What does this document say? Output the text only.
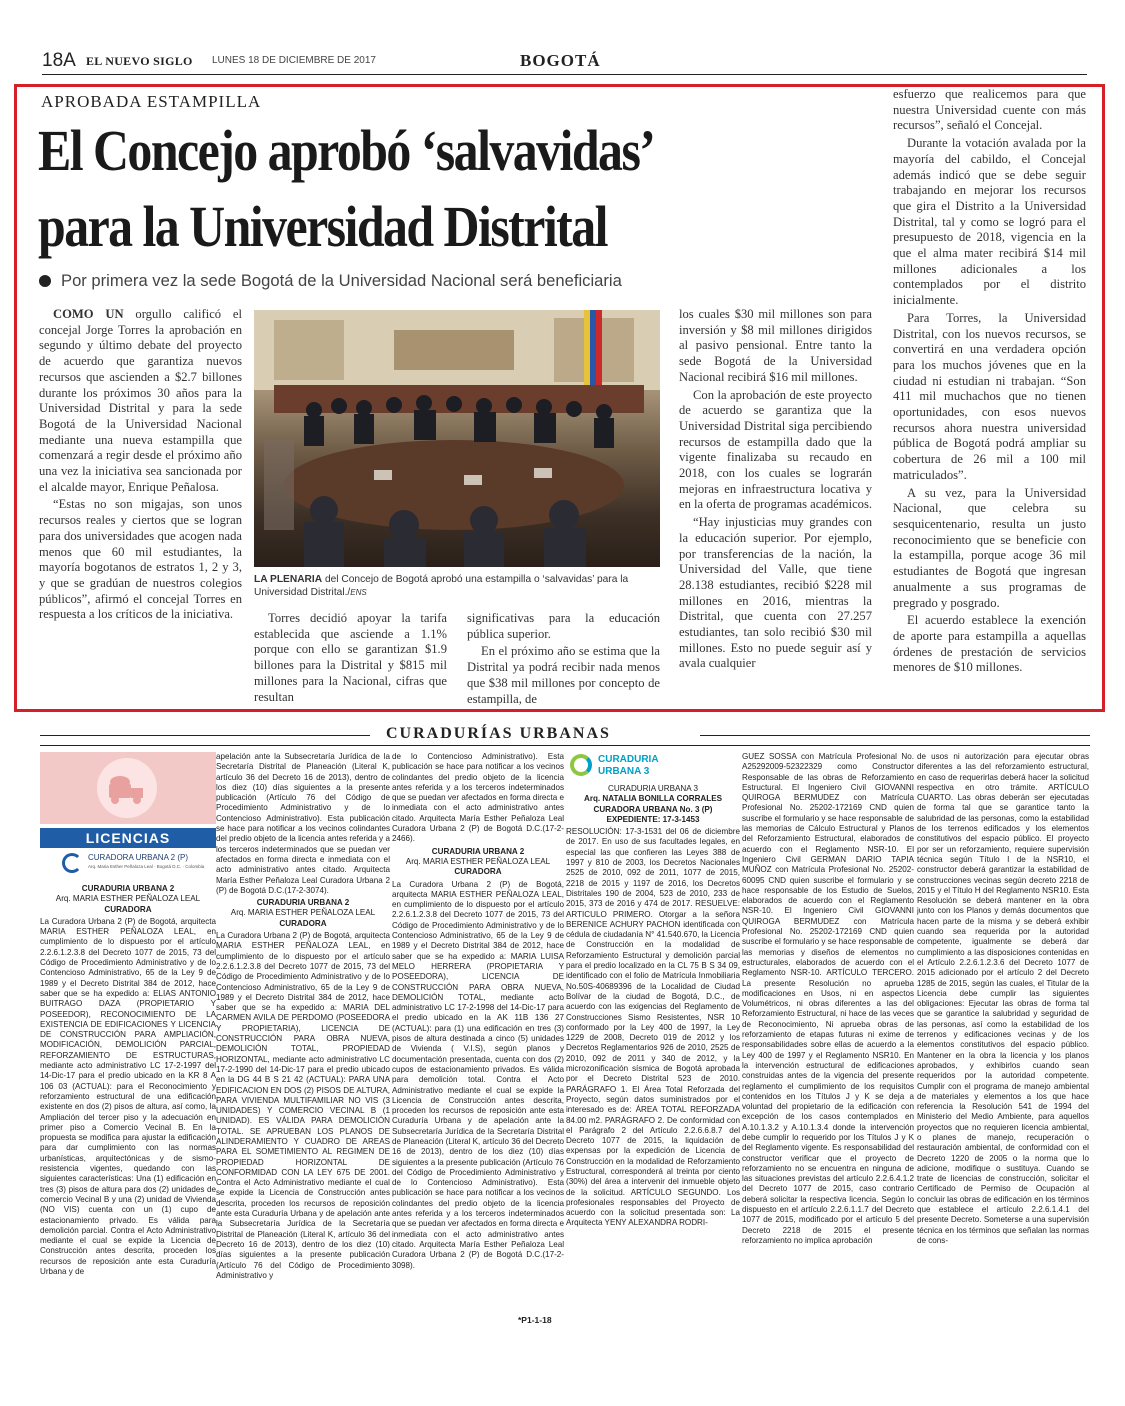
18A EL NUEVO SIGLO LUNES 18 DE DICIEMBRE DE 2017	BOGOTÁ
APROBADA ESTAMPILLA
El Concejo aprobó ‘salvavidas’
para la Universidad Distrital
Por primera vez la sede Bogotá de la Universidad Nacional será beneficiaria

COMO UN orgullo calificó el concejal Jorge Torres la aprobación en segundo y último debate del proyecto de acuerdo que garantiza nuevos recursos que ascienden a $2.7 billones durante los próximos 30 años para la Universidad Distrital y para la sede Bogotá de la Universidad Nacional mediante una nueva estampilla que comenzará a regir desde el próximo año una vez la iniciativa sea sancionada por el alcalde mayor, Enrique Peñalosa.

“Estas no son migajas, son unos recursos reales y ciertos que se logran para dos universidades que acogen nada menos que 60 mil estudiantes, la mayoría bogotanos de estratos 1, 2 y 3, y que se gradúan de nuestros colegios públicos”, afirmó el concejal Torres en respuesta a los críticos de la iniciativa.

LA PLENARIA del Concejo de Bogotá aprobó una estampilla o ‘salvavidas’ para la Universidad Distrital./ENS

Torres decidió apoyar la tarifa establecida que asciende a 1.1% porque con ello se garantizan $1.9 billones para la Distrital y $815 mil millones para la Nacional, cifras que resultan

significativas para la educación pública superior.

En el próximo año se estima que la Distrital ya podrá recibir nada menos que $38 mil millones por concepto de estampilla, de

los cuales $30 mil millones son para inversión y $8 mil millones dirigidos al pasivo pensional. Entre tanto la sede Bogotá de la Universidad Nacional recibirá $16 mil millones.

Con la aprobación de este proyecto de acuerdo se garantiza que la Universidad Distrital siga percibiendo recursos de estampilla dado que la vigente finalizaba su recaudo en 2018, con los cuales se lograrán mejoras en infraestructura locativa y en la oferta de programas académicos.

“Hay injusticias muy grandes con la educación superior. Por ejemplo, por transferencias de la nación, la Universidad del Valle, que tiene 28.138 estudiantes, recibió $228 mil millones en 2016, mientras la Distrital, que cuenta con 27.257 estudiantes, tan solo recibió $30 mil millones. Esto no puede seguir así y avala cualquier

esfuerzo que realicemos para que nuestra Universidad cuente con más recursos”, señaló el Concejal.

Durante la votación avalada por la mayoría del cabildo, el Concejal además indicó que se debe seguir trabajando en mejorar los recursos que gira el Distrito a la Universidad Distrital, tal y como se logró para el presupuesto de 2018, vigencia en la que el alma mater recibirá $14 mil millones adicionales a los contemplados por el distrito inicialmente.

Para Torres, la Universidad Distrital, con los nuevos recursos, se convertirá en una verdadera opción para los muchos jóvenes que en la ciudad ni estudian ni trabajan. “Son 411 mil muchachos que no tienen oportunidades, con esos nuevos recursos ahora nuestra universidad pública de Bogotá podrá ampliar su cobertura de 26 mil a 100 mil matriculados”.

A su vez, para la Universidad Nacional, que celebra su sesquicentenario, resulta un justo reconocimiento que se beneficie con la estampilla, porque acoge 36 mil estudiantes de Bogotá que ingresan anualmente a sus programas de pregrado y posgrado.

El acuerdo establece la exención de aporte para estampilla a aquellas órdenes de prestación de servicios menores de $10 millones.

CURADURÍAS URBANAS
LICENCIAS
CURADORA URBANA 2 (P)
Arq. Maria Esther Peñaloza Leal · Bogotá D.C. · Colombia

CURADURIA URBANA 2

Arq. MARIA ESTHER PEÑALOZA LEAL

CURADORA

La Curadora Urbana 2 (P) de Bogotá, arquitecta MARIA ESTHER PEÑALOZA LEAL, en cumplimiento de lo dispuesto por el artículo 2.2.6.1.2.3.8 del Decreto 1077 de 2015, 73 del Código de Procedimiento Administrativo y de lo Contencioso Administrativo, 65 de la Ley 9 de 1989 y el Decreto Distrital 384 de 2012, hace saber que se ha expedido a: ELIAS ANTONIO BUITRAGO DAZA (PROPIETARIO Y POSEEDOR), RECONOCIMIENTO DE LA EXISTENCIA DE EDIFICACIONES Y LICENCIA DE CONSTRUCCIÓN PARA AMPLIACIÓN, MODIFICACIÓN, DEMOLICIÓN PARCIAL, REFORZAMIENTO DE ESTRUCTURAS, mediante acto administrativo LC 17-2-1997 del 14-Dic-17 para el predio ubicado en la KR 8 A 106 03 (ACTUAL): para el Reconocimiento y reforzamiento estructural de una edificación existente en dos (2) pisos de altura, así como, la Ampliación del tercer piso y la adecuación en primer piso a Comercio Vecinal B. En la propuesta se modifica para ajustar la edificación para dar cumplimiento con las normas urbanísticas, arquitectónicas y de sismo-resistencia vigentes, quedando con las siguientes características: Una (1) edificación en tres (3) pisos de altura para dos (2) unidades de comercio Vecinal B y una (2) unidad de Vivienda (NO VIS) cuenta con un (1) cupo de estacionamiento privado. Es válida para demolición parcial. Contra el Acto Administrativo mediante el cual se expide la Licencia de Construcción antes descrita, proceden los recursos de reposición ante esta Curaduría Urbana y de

apelación ante la Subsecretaría Jurídica de la Secretaría Distrital de Planeación (Literal K, artículo 36 del Decreto 16 de 2013), dentro de los diez (10) días siguientes a la presente publicación (Artículo 76 del Código de Procedimiento Administrativo y de lo Contencioso Administrativo). Esta publicación se hace para notificar a los vecinos colindantes del predio objeto de la licencia antes referida y a los terceros indeterminados que se puedan ver afectados en forma directa e inmediata con el acto administrativo antes citado. Arquitecta María Esther Peñaloza Leal Curadora Urbana 2 (P) de Bogotá D.C.(17-2-3074).

CURADURIA URBANA 2

Arq. MARIA ESTHER PEÑALOZA LEAL

CURADORA

La Curadora Urbana 2 (P) de Bogotá, arquitecta MARIA ESTHER PEÑALOZA LEAL, en cumplimiento de lo dispuesto por el artículo 2.2.6.1.2.3.8 del Decreto 1077 de 2015, 73 del Código de Procedimiento Administrativo y de lo Contencioso Administrativo, 65 de la Ley 9 de 1989 y el Decreto Distrital 384 de 2012, hace saber que se ha expedido a: MARIA DEL CARMEN AVILA DE PERDOMO (POSEEDORA Y PROPIETARIA), LICENCIA DE CONSTRUCCIÓN PARA OBRA NUEVA, DEMOLICIÓN TOTAL, PROPIEDAD HORIZONTAL, mediante acto administrativo LC 17-2-1990 del 14-Dic-17 para el predio ubicado en la DG 44 B S 21 42 (ACTUAL): PARA UNA EDIFICACION EN DOS (2) PISOS DE ALTURA, PARA VIVIENDA MULTIFAMILIAR NO VIS (3 UNIDADES) Y COMERCIO VECINAL B (1 UNIDAD). ES VÁLIDA PARA DEMOLICIÓN TOTAL. SE APRUEBAN LOS PLANOS DE ALINDERAMIENTO Y CUADRO DE AREAS PARA EL SOMETIMIENTO AL REGIMEN DE PROPIEDAD HORIZONTAL DE CONFORMIDAD CON LA LEY 675 DE 2001. Contra el Acto Administrativo mediante el cual se expide la Licencia de Construcción antes descrita, proceden los recursos de reposición ante esta Curaduría Urbana y de apelación ante la Subsecretaría Jurídica de la Secretaría Distrital de Planeación (Literal K, artículo 36 del Decreto 16 de 2013), dentro de los diez (10) días siguientes a la presente publicación (Artículo 76 del Código de Procedimiento Administrativo y

de lo Contencioso Administrativo). Esta publicación se hace para notificar a los vecinos colindantes del predio objeto de la licencia antes referida y a los terceros indeterminados que se puedan ver afectados en forma directa e inmediata con el acto administrativo antes citado. Arquitecta María Esther Peñaloza Leal Curadora Urbana 2 (P) de Bogotá D.C.(17-2-2466).

CURADURIA URBANA 2

Arq. MARIA ESTHER PEÑALOZA LEAL

CURADORA

La Curadora Urbana 2 (P) de Bogotá, arquitecta MARIA ESTHER PEÑALOZA LEAL, en cumplimiento de lo dispuesto por el artículo 2.2.6.1.2.3.8 del Decreto 1077 de 2015, 73 del Código de Procedimiento Administrativo y de lo Contencioso Administrativo, 65 de la Ley 9 de 1989 y el Decreto Distrital 384 de 2012, hace saber que se ha expedido a: MARIA LUISA MELO HERRERA (PROPIETARIA Y POSEEDORA), LICENCIA DE CONSTRUCCIÓN PARA OBRA NUEVA, DEMOLICIÓN TOTAL, mediante acto administrativo LC 17-2-1998 del 14-Dic-17 para el predio ubicado en la AK 11B 136 27 (ACTUAL): para (1) una edificación en tres (3) pisos de altura destinada a cinco (5) unidades de Vivienda ( V.I.S), según planos y documentación presentada, cuenta con dos (2) cupos de estacionamiento privados. Es válida para demolición total. Contra el Acto Administrativo mediante el cual se expide la Licencia de Construcción antes descrita, proceden los recursos de reposición ante esta Curaduría Urbana y de apelación ante la Subsecretaría Jurídica de la Secretaría Distrital de Planeación (Literal K, artículo 36 del Decreto 16 de 2013), dentro de los diez (10) días siguientes a la presente publicación (Artículo 76 del Código de Procedimiento Administrativo y de lo Contencioso Administrativo). Esta publicación se hace para notificar a los vecinos colindantes del predio objeto de la licencia antes referida y a los terceros indeterminados que se puedan ver afectados en forma directa e inmediata con el acto administrativo antes citado. Arquitecta María Esther Peñaloza Leal Curadora Urbana 2 (P) de Bogotá D.C.(17-2-3098).

*P1-1-18
CURADURIA
URBANA 3

CURADURIA URBANA 3

Arq. NATALIA BONILLA CORRALES

CURADORA URBANA No. 3 (P)

EXPEDIENTE: 17-3-1453

RESOLUCIÓN: 17-3-1531 del 06 de diciembre de 2017. En uso de sus facultades legales, en especial las que confieren las Leyes 388 de 1997 y 810 de 2003, los Decretos Nacionales 2525 de 2010, 092 de 2011, 1077 de 2015, 2218 de 2015 y 1197 de 2016, los Decretos Distritales 190 de 2004, 523 de 2010, 233 de 2015, 373 de 2016 y 474 de 2017. RESUELVE: ARTICULO PRIMERO. Otorgar a la señora BERENICE ACHURY PACHON identificada con cédula de ciudadanía N° 41.540.670, la Licencia de Construcción en la modalidad de Reforzamiento Estructural y demolición parcial para el predio localizado en la CL 75 B S 34 09, identificado con el folio de Matrícula Inmobiliaria No.50S-40689396 de la Localidad de Ciudad Bolívar de la ciudad de Bogotá, D.C., de acuerdo con las exigencias del Reglamento de Construcciones Sismo Resistentes, NSR 10 conformado por la Ley 400 de 1997, la Ley 1229 de 2008, Decreto 019 de 2012 y los Decretos Reglamentarios 926 de 2010, 2525 de 2010, 092 de 2011 y 340 de 2012, y la microzonificación sísmica de Bogotá aprobada por el Decreto Distrital 523 de 2010. PARÁGRAFO 1. El Área Total Reforzada del Proyecto, según datos suministrados por el interesado es de: ÁREA TOTAL REFORZADA 84.00 m2. PARÁGRAFO 2. De conformidad con el Parágrafo 2 del Artículo 2.2.6.6.8.7 del Decreto 1077 de 2015, la liquidación de expensas por la expedición de Licencia de Construcción en la modalidad de Reforzamiento Estructural, corresponderá al treinta por ciento (30%) del área a intervenir del inmueble objeto de la solicitud. ARTÍCULO SEGUNDO. Los profesionales responsables del Proyecto de acuerdo con la solicitud presentada son: La Arquitecta YENY ALEXANDRA RODRI-

GUEZ SOSSA con Matrícula Profesional No. A25292009-52322329 como Constructor Responsable de las obras de Reforzamiento Estructural. El Ingeniero Civil GIOVANNI QUIROGA BERMUDEZ con Matrícula Profesional No. 25202-172169 CND quien suscribe el formulario y se hace responsable de las memorias de Cálculo Estructural y Planos del Reforzamiento Estructural, elaborados de acuerdo con el Reglamento NSR-10. El Ingeniero Civil GERMAN DARIO TAPIA MUÑOZ con Matrícula Profesional No. 25202-60095 CND quien suscribe el formulario y se hace responsable de los Estudio de Suelos, elaborados de acuerdo con el Reglamento NSR-10. El Ingeniero Civil GIOVANNI QUIROGA BERMUDEZ con Matrícula Profesional No. 25202-172169 CND quien suscribe el formulario y se hace responsable de las memorias y diseños de elementos no estructurales, elaborados de acuerdo con el Reglamento NSR-10. ARTÍCULO TERCERO. La presente Resolución no aprueba modificaciones en Usos, ni en aspectos Volumétricos, ni obras diferentes a las del Reforzamiento Estructural, ni hace de las veces de Reconocimiento, Ni aprueba obras de reforzamiento de etapas futuras ni exime de responsabilidades sobre ellas de acuerdo a la Ley 400 de 1997 y el Reglamento NSR10. En la intervención estructural de edificaciones construidas antes de la vigencia del presente reglamento el cumplimiento de los requisitos contenidos en los Títulos J y K se deja a voluntad del propietario de la edificación con excepción de los casos contemplados en A.10.1.3.2 y A.10.1.3.4 donde la intervención debe cumplir lo requerido por los Títulos J y K del Reglamento vigente. Es responsabilidad del constructor verificar que el proyecto de reforzamiento no se encuentra en ninguna de las situaciones previstas del artículo 2.2.6.4.1.2 del Decreto 1077 de 2015, caso contrario deberá solicitar la respectiva licencia. Según lo dispuesto en el artículo 2.2.6.1.1.7 del Decreto 1077 de 2015, modificado por el artículo 5 del Decreto 2218 de 2015 el presente reforzamiento no implica aprobación

de usos ni autorización para ejecutar obras diferentes a las del reforzamiento estructural, en caso de requerirlas deberá hacer la solicitud respectiva en otro trámite. ARTÍCULO CUARTO. Las obras deberán ser ejecutadas de forma tal que se garantice tanto la salubridad de las personas, como la estabilidad de los terrenos edificados y los elementos constitutivos del espacio público. El proyecto por ser un reforzamiento, requiere supervisión técnica según Título I de la NSR10, el constructor deberá garantizar la estabilidad de construcciones vecinas según decreto 2218 de 2015 y el Título H del Reglamento NSR10. Esta Resolución se deberá mantener en la obra junto con los Planos y demás documentos que hacen parte de la misma y se deberá exhibir cuando sea requerida por la autoridad competente, igualmente se deberá dar cumplimiento a las disposiciones contenidas en el Artículo 2.2.6.1.2.3.6 del Decreto 1077 de 2015 adicionado por el artículo 2 del Decreto 1285 de 2015, según las cuales, el Titular de la Licencia debe cumplir las siguientes obligaciones: Ejecutar las obras de forma tal que se garantice la salubridad y seguridad de las personas, así como la estabilidad de los terrenos y edificaciones vecinas y de los elementos constitutivos del espacio público. Mantener en la obra la licencia y los planos aprobados, y exhibirlos cuando sean requeridos por la autoridad competente. Cumplir con el programa de manejo ambiental de materiales y elementos a los que hace referencia la Resolución 541 de 1994 del Ministerio del Medio Ambiente, para aquellos proyectos que no requieren licencia ambiental, o planes de manejo, recuperación o restauración ambiental, de conformidad con el Decreto 1220 de 2005 o la norma que lo adicione, modifique o sustituya. Cuando se trate de licencias de construcción, solicitar el Certificado de Permiso de Ocupación al concluir las obras de edificación en los términos que establece el artículo 2.2.6.1.4.1 del presente Decreto. Someterse a una supervisión técnica en los términos que señalan las normas de cons-
